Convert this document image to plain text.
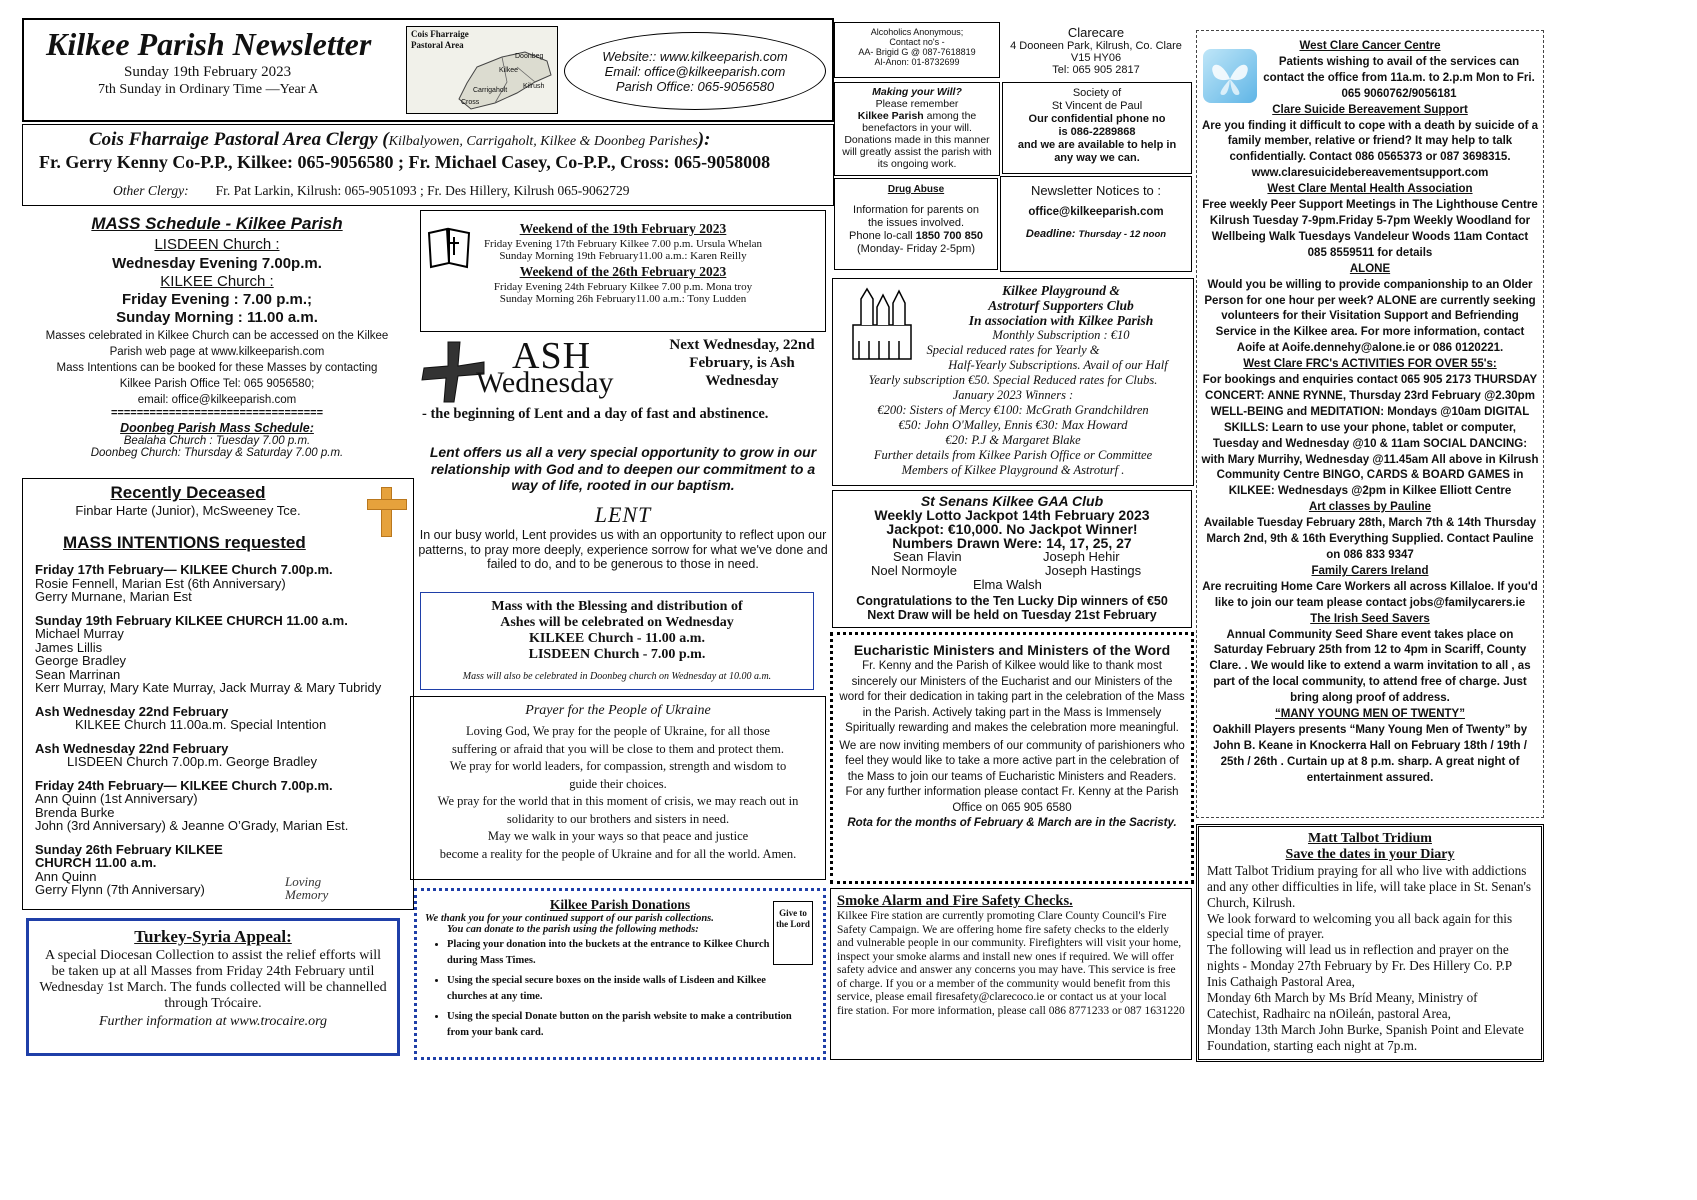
Kilkee Parish Newsletter
Sunday 19th February 2023
7th Sunday in Ordinary Time —Year A
Cois Fharraige Pastoral Area
Kilkee
Doonbeg
Carrigaholt
Cross
Kilrush
Website:: www.kilkeeparish.com
Email: office@kilkeeparish.com
Parish Office: 065-9056580
Cois Fharraige Pastoral Area Clergy (Kilbalyowen, Carrigaholt, Kilkee & Doonbeg Parishes):
Fr. Gerry Kenny Co-P.P., Kilkee: 065-9056580 ; Fr. Michael Casey, Co-P.P., Cross: 065-9058008
Other Clergy: Fr. Pat Larkin, Kilrush: 065-9051093 ; Fr. Des Hillery, Kilrush 065-9062729
MASS Schedule - Kilkee Parish
LISDEEN Church :
Wednesday Evening 7.00p.m.
KILKEE Church :
Friday Evening : 7.00 p.m.;
Sunday Morning : 11.00 a.m.
Masses celebrated in Kilkee Church can be accessed on the Kilkee
Parish web page at www.kilkeeparish.com
Mass Intentions can be booked for these Masses by contacting
Kilkee Parish Office Tel: 065 9056580;
email: office@kilkeeparish.com
=================================
Doonbeg Parish Mass Schedule:
Bealaha Church : Tuesday 7.00 p.m.
Doonbeg Church: Thursday & Saturday 7.00 p.m.
Recently Deceased
Finbar Harte (Junior), McSweeney Tce.
MASS INTENTIONS requested

Friday 17th February— KILKEE Church 7.00p.m.

Rosie Fennell, Marian Est (6th Anniversary)

Gerry Murnane, Marian Est

Sunday 19th February KILKEE CHURCH 11.00 a.m.

Michael Murray

James Lillis

George Bradley

Sean Marrinan

Kerr Murray, Mary Kate Murray, Jack Murray & Mary Tubridy

Ash Wednesday 22nd February

KILKEE Church 11.00a.m. Special Intention

Ash Wednesday 22nd February

LISDEEN Church 7.00p.m. George Bradley

Friday 24th February— KILKEE Church 7.00p.m.

Ann Quinn (1st Anniversary)

Brenda Burke

John (3rd Anniversary) & Jeanne O’Grady, Marian Est.

Sunday 26th February KILKEE

CHURCH 11.00 a.m.

Ann Quinn

Gerry Flynn (7th Anniversary)

Loving Memory
Turkey-Syria Appeal:
A special Diocesan Collection to assist the relief efforts will be taken up at all Masses from Friday 24th February until Wednesday 1st March. The funds collected will be channelled through Trócaire.
Further information at www.trocaire.org
Weekend of the 19th February 2023
Friday Evening 17th February Kilkee 7.00 p.m. Ursula Whelan
Sunday Morning 19th February11.00 a.m.: Karen Reilly
Weekend of the 26th February 2023
Friday Evening 24th February Kilkee 7.00 p.m. Mona troy
Sunday Morning 26h February11.00 a.m.: Tony Ludden
ASH
Wednesday
Next Wednesday, 22nd February, is Ash Wednesday
- the beginning of Lent and a day of fast and abstinence.
Lent offers us all a very special opportunity to grow in our relationship with God and to deepen our commitment to a way of life, rooted in our baptism.
LENT
In our busy world, Lent provides us with an opportunity to reflect upon our patterns, to pray more deeply, experience sorrow for what we've done and failed to do, and to be generous to those in need.
Mass with the Blessing and distribution of
Ashes will be celebrated on Wednesday
KILKEE Church - 11.00 a.m.
LISDEEN Church - 7.00 p.m.
Mass will also be celebrated in Doonbeg church on Wednesday at 10.00 a.m.
Prayer for the People of Ukraine
Loving God, We pray for the people of Ukraine, for all those
suffering or afraid that you will be close to them and protect them.
We pray for world leaders, for compassion, strength and wisdom to
guide their choices.
We pray for the world that in this moment of crisis, we may reach out in
solidarity to our brothers and sisters in need.
May we walk in your ways so that peace and justice
become a reality for the people of Ukraine and for all the world. Amen.
Kilkee Parish Donations
We thank you for your continued support of our parish collections.
You can donate to the parish using the following methods:
• Placing your donation into the buckets at the entrance to Kilkee Church during Mass Times.
• Using the special secure boxes on the inside walls of Lisdeen and Kilkee churches at any time.
• Using the special Donate button on the parish website to make a contribution from your bank card.
Give to the Lord
Alcoholics Anonymous;
Contact no's -
AA- Brigid G @ 087-7618819
Al-Anon: 01-8732699
Clarecare
4 Dooneen Park, Kilrush, Co. Clare
V15 HY06
Tel: 065 905 2817
Making your Will?
Please remember
Kilkee Parish among the benefactors in your will. Donations made in this manner will greatly assist the parish with its ongoing work.
Society of
St Vincent de Paul
Our confidential phone no
is 086-2289868
and we are available to help in
any way we can.
Drug Abuse
Information for parents on
the issues involved.
Phone lo-call 1850 700 850
(Monday- Friday 2-5pm)
Newsletter Notices to :
office@kilkeeparish.com
Deadline: Thursday - 12 noon
Kilkee Playground &
Astroturf Supporters Club
In association with Kilkee Parish
Monthly Subscription : €10
Special reduced rates for Yearly &
Half-Yearly Subscriptions. Avail of our Half
Yearly subscription €50. Special Reduced rates for Clubs.
January 2023 Winners :
€200: Sisters of Mercy €100: McGrath Grandchildren
€50: John O'Malley, Ennis €30: Max Howard
€20: P.J & Margaret Blake
Further details from Kilkee Parish Office or Committee
Members of Kilkee Playground & Astroturf .
St Senans Kilkee GAA Club
Weekly Lotto Jackpot 14th February 2023
Jackpot: €10,000. No Jackpot Winner!
Numbers Drawn Were: 14, 17, 25, 27
Sean Flavin	Joseph Hehir
Noel Normoyle	Joseph Hastings
Elma Walsh
Congratulations to the Ten Lucky Dip winners of €50
Next Draw will be held on Tuesday 21st February
Eucharistic Ministers and Ministers of the Word
Fr. Kenny and the Parish of Kilkee would like to thank most sincerely our Ministers of the Eucharist and our Ministers of the word for their dedication in taking part in the celebration of the Mass in the Parish. Actively taking part in the Mass is Immensely Spiritually rewarding and makes the celebration more meaningful.
We are now inviting members of our community of parishioners who feel they would like to take a more active part in the celebration of the Mass to join our teams of Eucharistic Ministers and Readers.
For any further information please contact Fr. Kenny at the Parish Office on 065 905 6580
Rota for the months of February & March are in the Sacristy.
Smoke Alarm and Fire Safety Checks.
Kilkee Fire station are currently promoting Clare County Council's Fire Safety Campaign. We are offering home fire safety checks to the elderly and vulnerable people in our community. Firefighters will visit your home, inspect your smoke alarms and install new ones if required. We will offer safety advice and answer any concerns you may have. This service is free of charge. If you or a member of the community would benefit from this service, please email firesafety@clarecoco.ie or contact us at your local fire station. For more information, please call 086 8771233 or 087 1631220
West Clare Cancer Centre
Patients wishing to avail of the services can contact the office from 11a.m. to 2.p.m Mon to Fri. 065 9060762/9056181
Clare Suicide Bereavement Support
Are you finding it difficult to cope with a death by suicide of a family member, relative or friend? It may help to talk confidentially. Contact 086 0565373 or 087 3698315. www.claresuicidebereavementsupport.com
West Clare Mental Health Association
Free weekly Peer Support Meetings in The Lighthouse Centre Kilrush Tuesday 7-9pm.Friday 5-7pm Weekly Woodland for Wellbeing Walk Tuesdays Vandeleur Woods 11am Contact 085 8559511 for details
ALONE
Would you be willing to provide companionship to an Older Person for one hour per week? ALONE are currently seeking volunteers for their Visitation Support and Befriending Service in the Kilkee area. For more information, contact Aoife at Aoife.dennehy@alone.ie or 086 0120221.
West Clare FRC's ACTIVITIES FOR OVER 55's:
For bookings and enquiries contact 065 905 2173 THURSDAY CONCERT: ANNE RYNNE, Thursday 23rd February @2.30pm WELL-BEING and MEDITATION: Mondays @10am DIGITAL SKILLS: Learn to use your phone, tablet or computer, Tuesday and Wednesday @10 & 11am SOCIAL DANCING: with Mary Murrihy, Wednesday @11.45am All above in Kilrush Community Centre BINGO, CARDS & BOARD GAMES in KILKEE: Wednesdays @2pm in Kilkee Elliott Centre
Art classes by Pauline
Available Tuesday February 28th, March 7th & 14th Thursday March 2nd, 9th & 16th Everything Supplied. Contact Pauline on 086 833 9347
Family Carers Ireland
Are recruiting Home Care Workers all across Killaloe. If you'd like to join our team please contact jobs@familycarers.ie
The Irish Seed Savers
Annual Community Seed Share event takes place on Saturday February 25th from 12 to 4pm in Scariff, County Clare. . We would like to extend a warm invitation to all , as part of the local community, to attend free of charge. Just bring along proof of address.
“MANY YOUNG MEN OF TWENTY”
Oakhill Players presents “Many Young Men of Twenty” by John B. Keane in Knockerra Hall on February 18th / 19th / 25th / 26th . Curtain up at 8 p.m. sharp. A great night of entertainment assured.
Matt Talbot Tridium
Save the dates in your Diary
Matt Talbot Tridium praying for all who live with addictions and any other difficulties in life, will take place in St. Senan's Church, Kilrush.
We look forward to welcoming you all back again for this special time of prayer.
The following will lead us in reflection and prayer on the nights - Monday 27th February by Fr. Des Hillery Co. P.P Inis Cathaigh Pastoral Area,
Monday 6th March by Ms Bríd Meany, Ministry of Catechist, Radhairc na nOileán, pastoral Area,
Monday 13th March John Burke, Spanish Point and Elevate Foundation, starting each night at 7p.m.
